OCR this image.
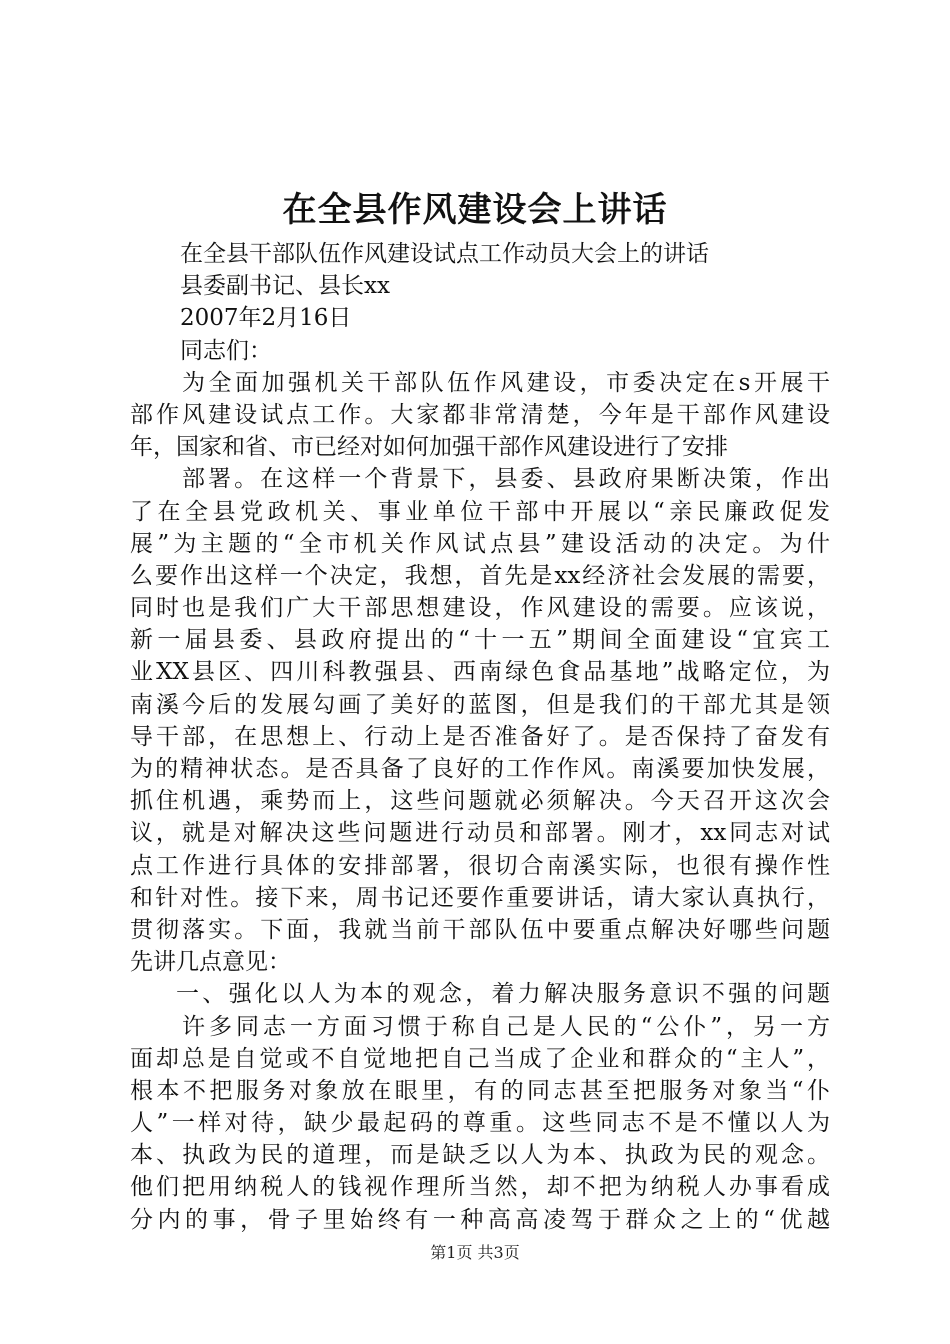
在全县作风建设会上讲话
在全县干部队伍作风建设试点工作动员大会上的讲话
县委副书记、县长xx
2007年2月16日
同志们：
为全面加强机关干部队伍作风建设，市委决定在s开展干
部作风建设试点工作。大家都非常清楚，今年是干部作风建设
年，国家和省、市已经对如何加强干部作风建设进行了安排
部署。在这样一个背景下，县委、县政府果断决策，作出
了在全县党政机关、事业单位干部中开展以“亲民廉政促发
展”为主题的“全市机关作风试点县”建设活动的决定。为什
么要作出这样一个决定，我想，首先是xx经济社会发展的需要，
同时也是我们广大干部思想建设，作风建设的需要。应该说，
新一届县委、县政府提出的“十一五”期间全面建设“宜宾工
业XX县区、四川科教强县、西南绿色食品基地”战略定位，为
南溪今后的发展勾画了美好的蓝图，但是我们的干部尤其是领
导干部，在思想上、行动上是否准备好了。是否保持了奋发有
为的精神状态。是否具备了良好的工作作风。南溪要加快发展，
抓住机遇，乘势而上，这些问题就必须解决。今天召开这次会
议，就是对解决这些问题进行动员和部署。刚才，xx同志对试
点工作进行具体的安排部署，很切合南溪实际，也很有操作性
和针对性。接下来，周书记还要作重要讲话，请大家认真执行，
贯彻落实。下面，我就当前干部队伍中要重点解决好哪些问题
先讲几点意见：
一、强化以人为本的观念，着力解决服务意识不强的问题
许多同志一方面习惯于称自己是人民的“公仆”，另一方
面却总是自觉或不自觉地把自己当成了企业和群众的“主人”，
根本不把服务对象放在眼里，有的同志甚至把服务对象当“仆
人”一样对待，缺少最起码的尊重。这些同志不是不懂以人为
本、执政为民的道理，而是缺乏以人为本、执政为民的观念。
他们把用纳税人的钱视作理所当然，却不把为纳税人办事看成
分内的事，骨子里始终有一种高高凌驾于群众之上的“优越
第1页 共3页
